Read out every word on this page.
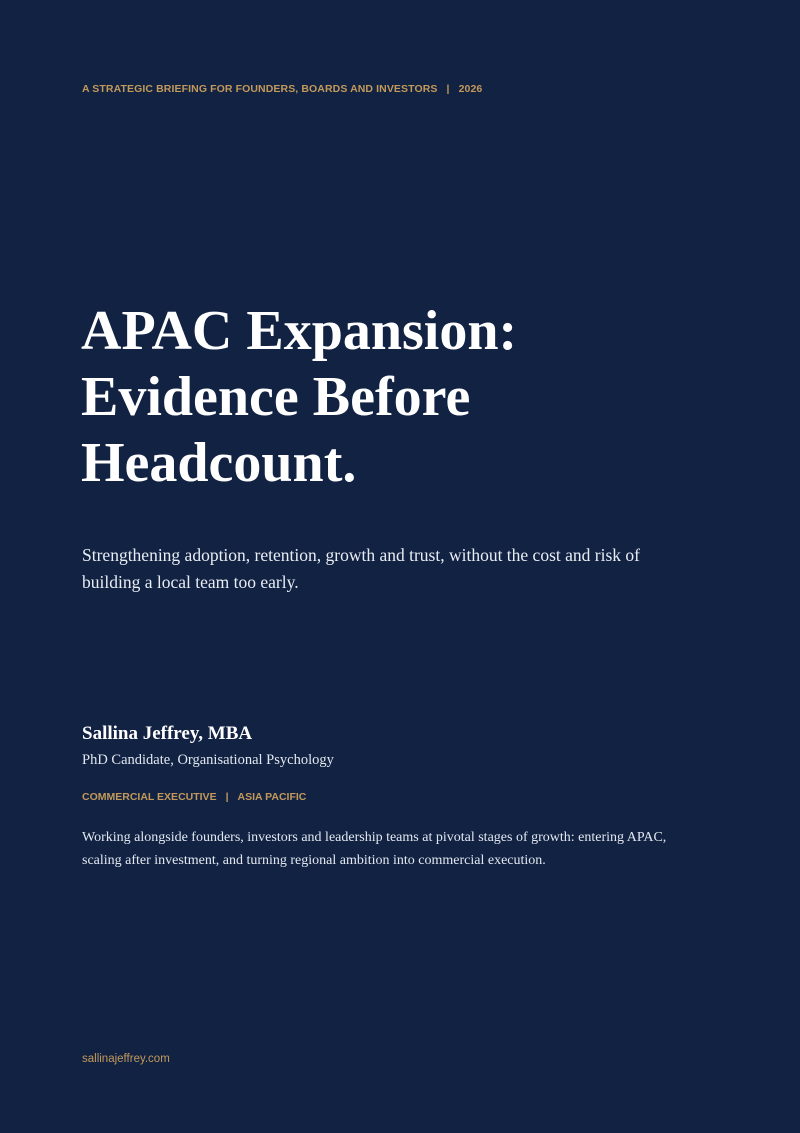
A STRATEGIC BRIEFING FOR FOUNDERS, BOARDS AND INVESTORS | 2026
APAC Expansion:
Evidence Before
Headcount.

Strengthening adoption, retention, growth and trust, without the cost and risk of building a local team too early.

Sallina Jeffrey, MBA
PhD Candidate, Organisational Psychology
COMMERCIAL EXECUTIVE | ASIA PACIFIC

Working alongside founders, investors and leadership teams at pivotal stages of growth: entering APAC, scaling after investment, and turning regional ambition into commercial execution.

sallinajeffrey.com
